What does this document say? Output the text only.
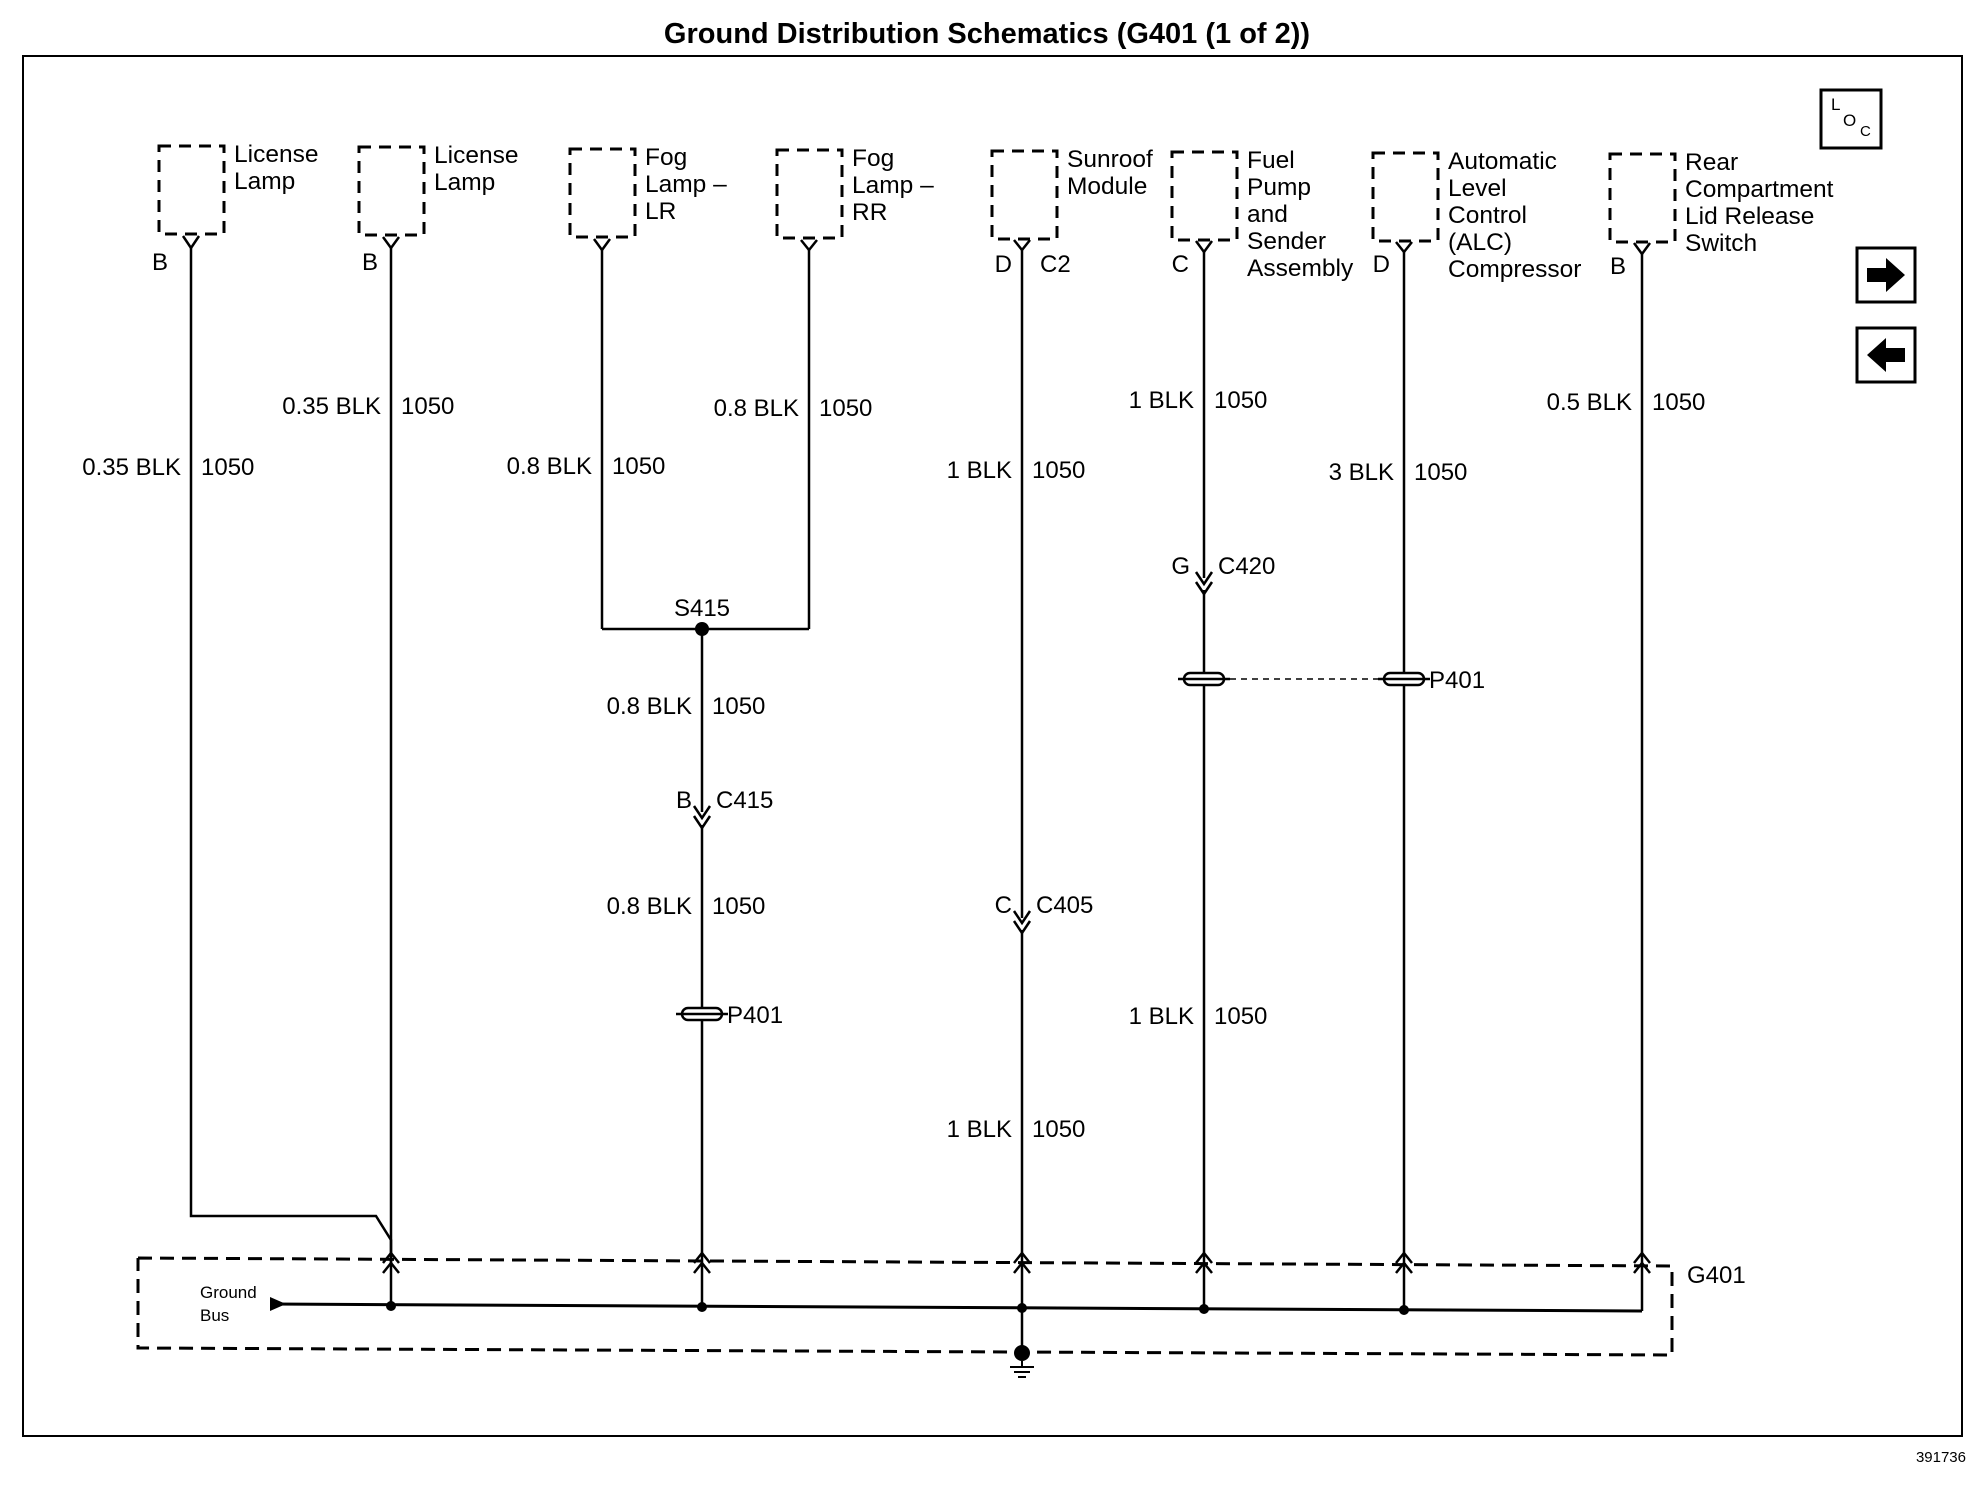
Ground Distribution Schematics (G401 (1 of 2))
391736
L
O
C
License Lamp
License Lamp
Fog Lamp – LR
Fog Lamp – RR
Sunroof Module
Fuel Pump and Sender Assembly
Automatic Level Control (ALC) Compressor
Rear Compartment Lid Release Switch
B	B	D C2	C	D	B
0.35 BLK 1050
0.35 BLK 1050
0.8 BLK 1050
0.8 BLK 1050
1 BLK 1050
1 BLK 1050
3 BLK 1050
0.5 BLK 1050
0.8 BLK 1050
0.8 BLK 1050
1 BLK 1050
1 BLK 1050
S415
B C415
C C405
G C420
P401
P401
Ground
Bus
G401
